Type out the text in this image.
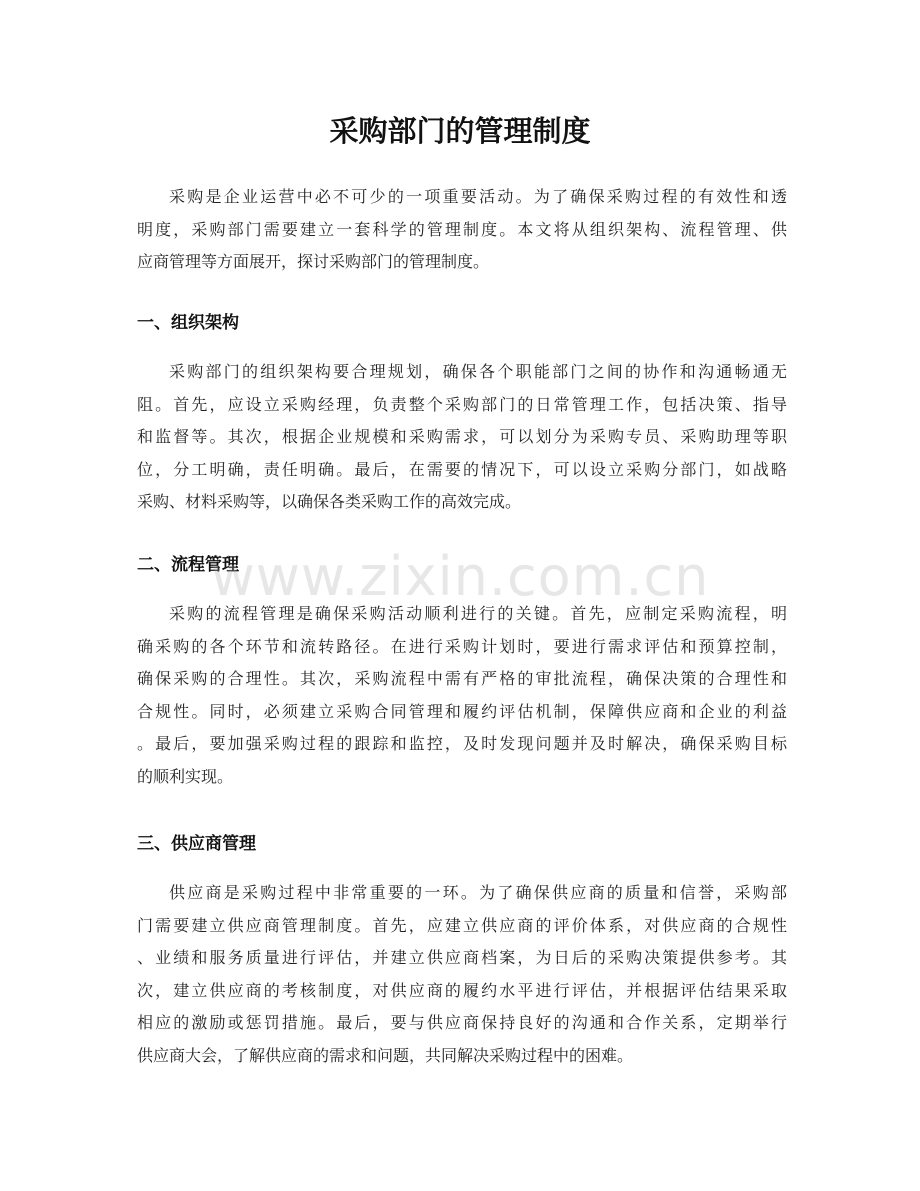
采购部门的管理制度

采购是企业运营中必不可少的一项重要活动。为了确保采购过程的有效性和透
明度，采购部门需要建立一套科学的管理制度。本文将从组织架构、流程管理、供
应商管理等方面展开，探讨采购部门的管理制度。

一、组织架构

采购部门的组织架构要合理规划，确保各个职能部门之间的协作和沟通畅通无
阻。首先，应设立采购经理，负责整个采购部门的日常管理工作，包括决策、指导
和监督等。其次，根据企业规模和采购需求，可以划分为采购专员、采购助理等职
位，分工明确，责任明确。最后，在需要的情况下，可以设立采购分部门，如战略
采购、材料采购等，以确保各类采购工作的高效完成。

二、流程管理

采购的流程管理是确保采购活动顺利进行的关键。首先，应制定采购流程，明
确采购的各个环节和流转路径。在进行采购计划时，要进行需求评估和预算控制，
确保采购的合理性。其次，采购流程中需有严格的审批流程，确保决策的合理性和
合规性。同时，必须建立采购合同管理和履约评估机制，保障供应商和企业的利益
。最后，要加强采购过程的跟踪和监控，及时发现问题并及时解决，确保采购目标
的顺利实现。

三、供应商管理

供应商是采购过程中非常重要的一环。为了确保供应商的质量和信誉，采购部
门需要建立供应商管理制度。首先，应建立供应商的评价体系，对供应商的合规性
、业绩和服务质量进行评估，并建立供应商档案，为日后的采购决策提供参考。其
次，建立供应商的考核制度，对供应商的履约水平进行评估，并根据评估结果采取
相应的激励或惩罚措施。最后，要与供应商保持良好的沟通和合作关系，定期举行
供应商大会，了解供应商的需求和问题，共同解决采购过程中的困难。

www.zixin.com.cn
